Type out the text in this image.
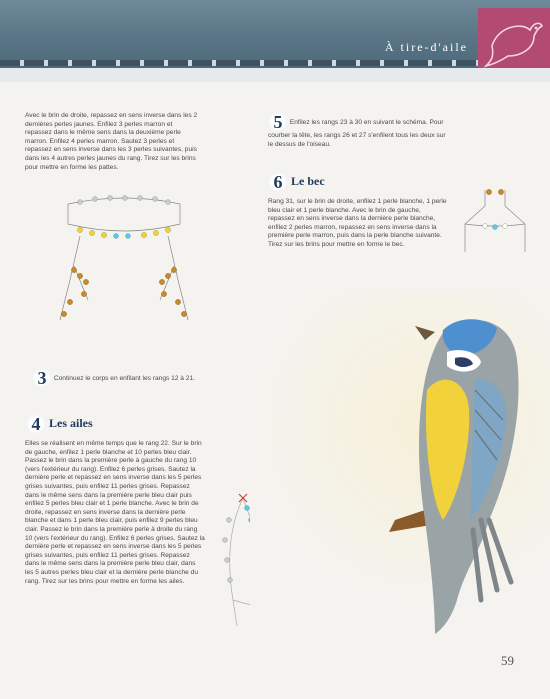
À tire-d'aile
Avec le brin de droite, repassez en sens inverse dans les 2 dernières perles jaunes. Enfilez 3 perles marron et repassez dans le même sens dans la deuxième perle marron. Enfilez 4 perles marron. Sautez 3 perles et repassez en sens inverse dans les 3 perles suivantes, puis dans les 4 autres perles jaunes du rang. Tirez sur les brins pour mettre en forme les pattes.
3 Continuez le corps en enfilant les rangs 12 à 21.
4 Les ailes
Elles se réalisent en même temps que le rang 22. Sur le brin de gauche, enfilez 1 perle blanche et 10 perles bleu clair. Passez le brin dans la première perle à gauche du rang 10 (vers l'extérieur du rang). Enfilez 6 perles grises. Sautez la dernière perle et repassez en sens inverse dans les 5 perles grises suivantes, puis enfilez 11 perles grises. Repassez dans le même sens dans la première perle bleu clair puis enfilez 5 perles bleu clair et 1 perle blanche. Avec le brin de droite, repassez en sens inverse dans la dernière perle blanche et dans 1 perle bleu clair, puis enfilez 9 perles bleu clair. Passez le brin dans la première perle à droite du rang 10 (vers l'extérieur du rang). Enfilez 6 perles grises. Sautez la dernière perle et repassez en sens inverse dans les 5 perles grises suivantes, puis enfilez 11 perles grises. Repassez dans le même sens dans la première perle bleu clair, dans les 5 autres perles bleu clair et la dernière perle blanche du rang. Tirez sur les brins pour mettre en forme les ailes.
5 Enfilez les rangs 23 à 30 en suivant le schéma. Pour courber la tête, les rangs 26 et 27 s'enfilent tous les deux sur le dessus de l'oiseau.
6 Le bec
Rang 31, sur le brin de droite, enfilez 1 perle blanche, 1 perle bleu clair et 1 perle blanche. Avec le brin de gauche, repassez en sens inverse dans la dernière perle blanche, enfilez 2 perles marron, repassez en sens inverse dans la première perle marron, puis dans la perle blanche suivante. Tirez sur les brins pour mettre en forme le bec.
59
